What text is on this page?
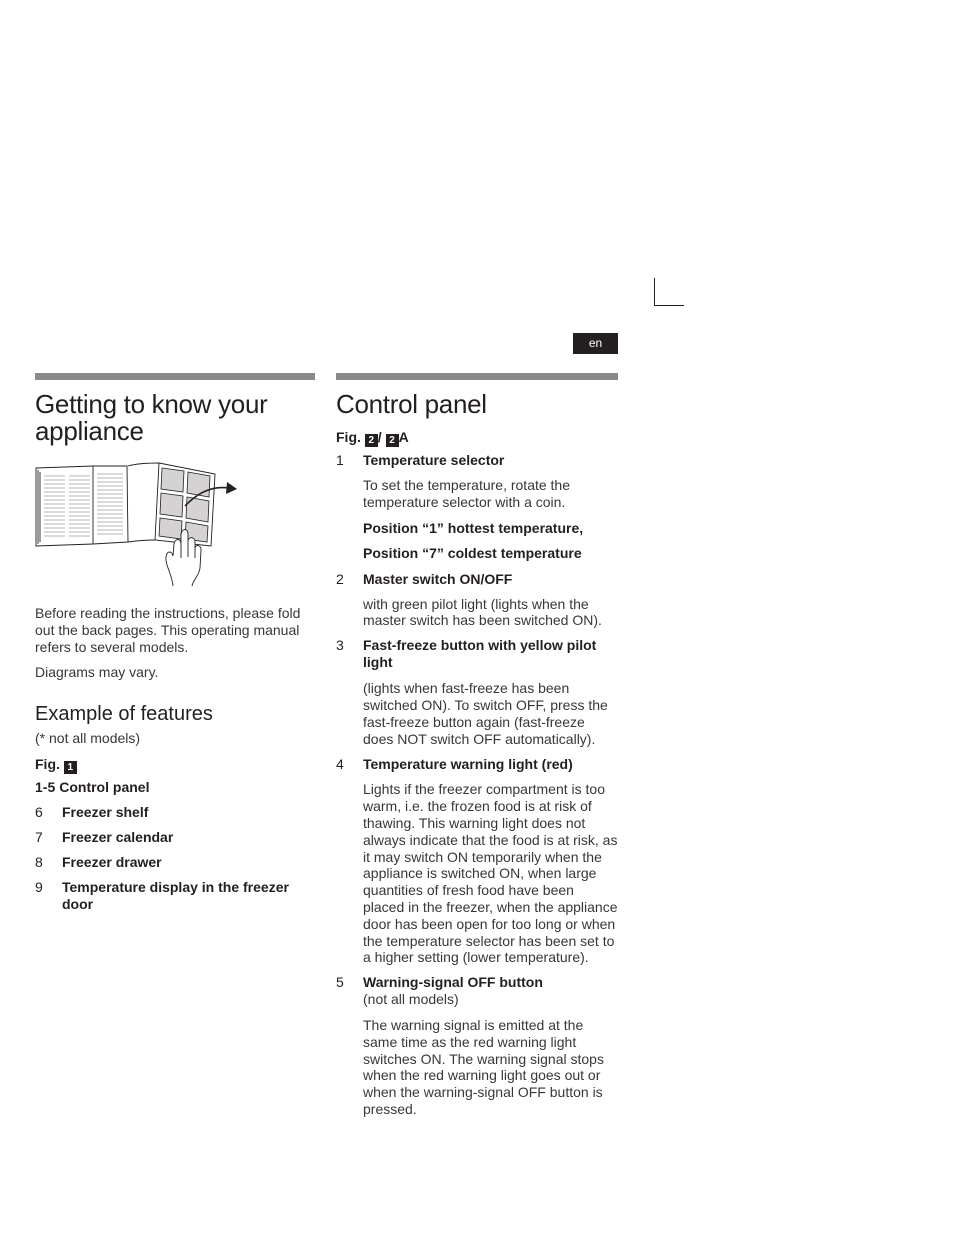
en
Getting to know your appliance

Before reading the instructions, please fold out the back pages. This operating manual refers to several models.

Diagrams may vary.

Example of features
(* not all models)
Fig. 1
1-5 Control panel
6	Freezer shelf
7	Freezer calendar
8	Freezer drawer
9	Temperature display in the freezer door
Control panel
Fig. 2 / 2 A
1	Temperature selector
To set the temperature, rotate the temperature selector with a coin.
Position “1” hottest temperature,
Position “7” coldest temperature
2	Master switch ON/OFF
with green pilot light (lights when the master switch has been switched ON).
3	Fast-freeze button with yellow pilot light
(lights when fast-freeze has been switched ON). To switch OFF, press the fast-freeze button again (fast-freeze does NOT switch OFF automatically).
4	Temperature warning light (red)
Lights if the freezer compartment is too warm, i.e. the frozen food is at risk of thawing. This warning light does not always indicate that the food is at risk, as it may switch ON temporarily when the appliance is switched ON, when large quantities of fresh food have been placed in the freezer, when the appliance door has been open for too long or when the temperature selector has been set to a higher setting (lower temperature).
5	Warning-signal OFF button
(not all models)
The warning signal is emitted at the same time as the red warning light switches ON. The warning signal stops when the red warning light goes out or when the warning-signal OFF button is pressed.
